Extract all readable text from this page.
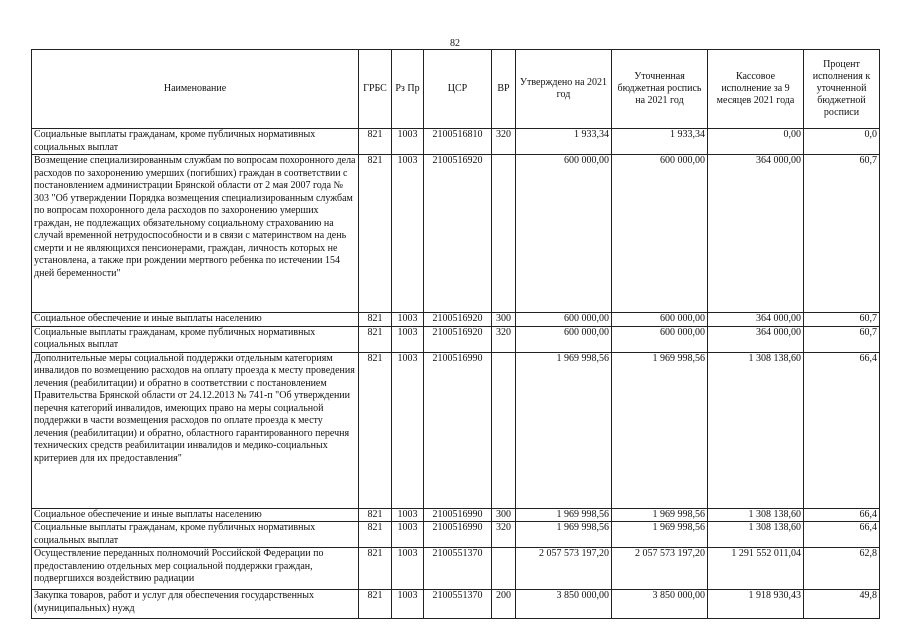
82
Наименование	ГРБС	Рз Пр	ЦСР	ВР	Утверждено на 2021 год	Уточненная бюджетная роспись на 2021 год	Кассовое исполнение за 9 месяцев 2021 года	Процент исполнения к уточненной бюджетной росписи
Социальные выплаты гражданам, кроме публичных нормативных социальных выплат	821	1003	2100516810	320	1 933,34	1 933,34	0,00	0,0
Возмещение специализированным службам по вопросам похоронного дела расходов по захоронению умерших (погибших) граждан в соответствии с постановлением администрации Брянской области от 2 мая 2007 года № 303 "Об утверждении Порядка возмещения специализированным службам по вопросам похоронного дела расходов по захоронению умерших граждан, не подлежащих обязательному социальному страхованию на случай временной нетрудоспособности и в связи с материнством на день смерти и не являющихся пенсионерами, граждан, личность которых не установлена, а также при рождении мертвого ребенка по истечении 154 дней беременности"	821	1003	2100516920		600 000,00	600 000,00	364 000,00	60,7
Социальное обеспечение и иные выплаты населению	821	1003	2100516920	300	600 000,00	600 000,00	364 000,00	60,7
Социальные выплаты гражданам, кроме публичных нормативных социальных выплат	821	1003	2100516920	320	600 000,00	600 000,00	364 000,00	60,7
Дополнительные меры социальной поддержки отдельным категориям инвалидов по возмещению расходов на оплату проезда к месту проведения лечения (реабилитации) и обратно в соответствии с постановлением Правительства Брянской области от 24.12.2013 № 741-п "Об утверждении перечня категорий инвалидов, имеющих право на меры социальной поддержки в части возмещения расходов по оплате проезда к месту лечения (реабилитации) и обратно, областного гарантированного перечня технических средств реабилитации инвалидов и медико-социальных критериев для их предоставления"	821	1003	2100516990		1 969 998,56	1 969 998,56	1 308 138,60	66,4
Социальное обеспечение и иные выплаты населению	821	1003	2100516990	300	1 969 998,56	1 969 998,56	1 308 138,60	66,4
Социальные выплаты гражданам, кроме публичных нормативных социальных выплат	821	1003	2100516990	320	1 969 998,56	1 969 998,56	1 308 138,60	66,4
Осуществление переданных полномочий Российской Федерации по предоставлению отдельных мер социальной поддержки граждан, подвергшихся воздействию радиации	821	1003	2100551370		2 057 573 197,20	2 057 573 197,20	1 291 552 011,04	62,8
Закупка товаров, работ и услуг для обеспечения государственных (муниципальных) нужд	821	1003	2100551370	200	3 850 000,00	3 850 000,00	1 918 930,43	49,8
